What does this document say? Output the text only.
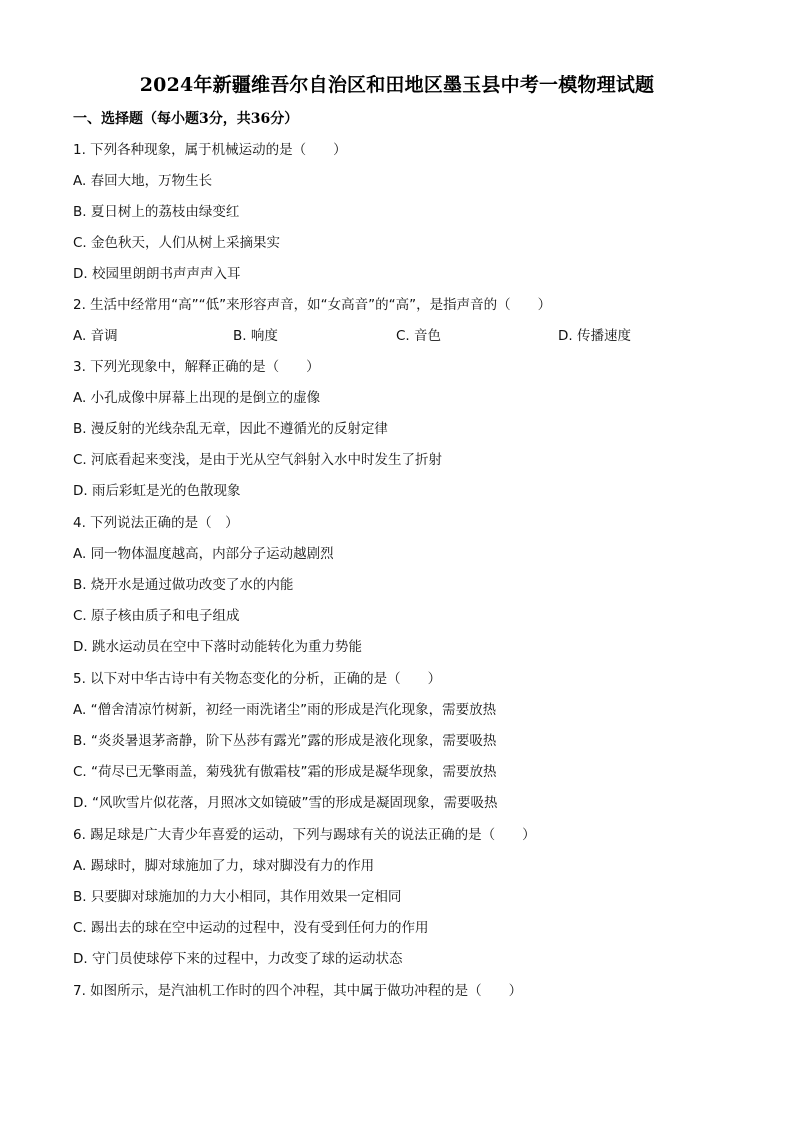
2024年新疆维吾尔自治区和田地区墨玉县中考一模物理试题
一、选择题（每小题3分，共36分）
1. 下列各种现象，属于机械运动的是（　　）
A. 春回大地，万物生长
B. 夏日树上的荔枝由绿变红
C. 金色秋天，人们从树上采摘果实
D. 校园里朗朗书声声声入耳
2. 生活中经常用“高”“低”来形容声音，如“女高音”的“高”，是指声音的（　　）
A. 音调	B. 响度	C. 音色	D. 传播速度
3. 下列光现象中，解释正确的是（　　）
A. 小孔成像中屏幕上出现的是倒立的虚像
B. 漫反射的光线杂乱无章，因此不遵循光的反射定律
C. 河底看起来变浅，是由于光从空气斜射入水中时发生了折射
D. 雨后彩虹是光的色散现象
4. 下列说法正确的是（　）
A. 同一物体温度越高，内部分子运动越剧烈
B. 烧开水是通过做功改变了水的内能
C. 原子核由质子和电子组成
D. 跳水运动员在空中下落时动能转化为重力势能
5. 以下对中华古诗中有关物态变化的分析，正确的是（　　）
A. “僧舍清凉竹树新，初经一雨洗诸尘”雨的形成是汽化现象，需要放热
B. “炎炎暑退茅斋静，阶下丛莎有露光”露的形成是液化现象，需要吸热
C. “荷尽已无擎雨盖，菊残犹有傲霜枝”霜的形成是凝华现象，需要放热
D. “风吹雪片似花落，月照冰文如镜破”雪的形成是凝固现象，需要吸热
6. 踢足球是广大青少年喜爱的运动，下列与踢球有关的说法正确的是（　　）
A. 踢球时，脚对球施加了力，球对脚没有力的作用
B. 只要脚对球施加的力大小相同，其作用效果一定相同
C. 踢出去的球在空中运动的过程中，没有受到任何力的作用
D. 守门员使球停下来的过程中，力改变了球的运动状态
7. 如图所示，是汽油机工作时的四个冲程，其中属于做功冲程的是（　　）
